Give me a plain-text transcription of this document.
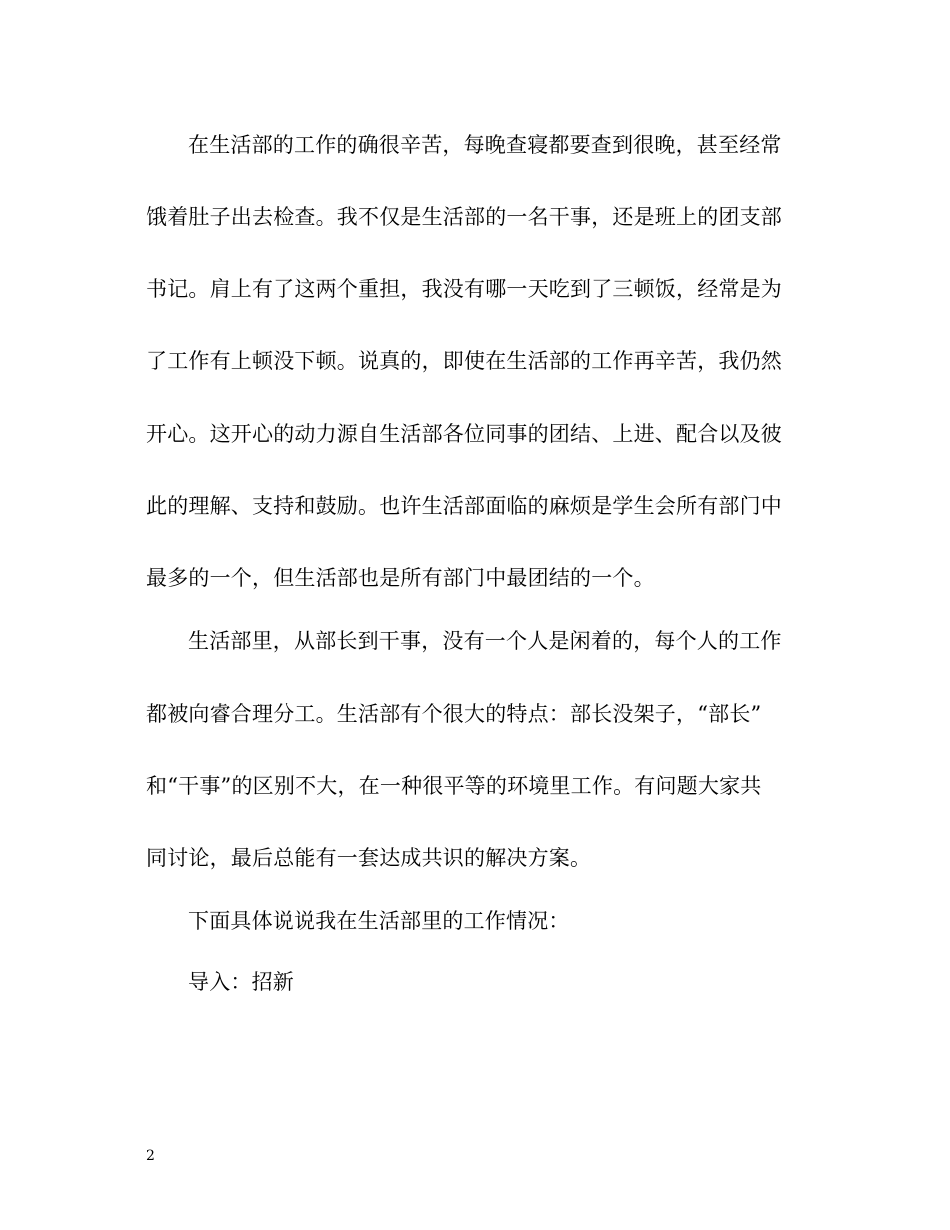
在生活部的工作的确很辛苦，每晚查寝都要查到很晚，甚至经常
饿着肚子出去检查。我不仅是生活部的一名干事，还是班上的团支部
书记。肩上有了这两个重担，我没有哪一天吃到了三顿饭，经常是为
了工作有上顿没下顿。说真的，即使在生活部的工作再辛苦，我仍然
开心。这开心的动力源自生活部各位同事的团结、上进、配合以及彼
此的理解、支持和鼓励。也许生活部面临的麻烦是学生会所有部门中
最多的一个，但生活部也是所有部门中最团结的一个。
生活部里，从部长到干事，没有一个人是闲着的，每个人的工作
都被向睿合理分工。生活部有个很大的特点：部长没架子，“部长”
和“干事”的区别不大，在一种很平等的环境里工作。有问题大家共
同讨论，最后总能有一套达成共识的解决方案。
下面具体说说我在生活部里的工作情况：
导入：招新
2
